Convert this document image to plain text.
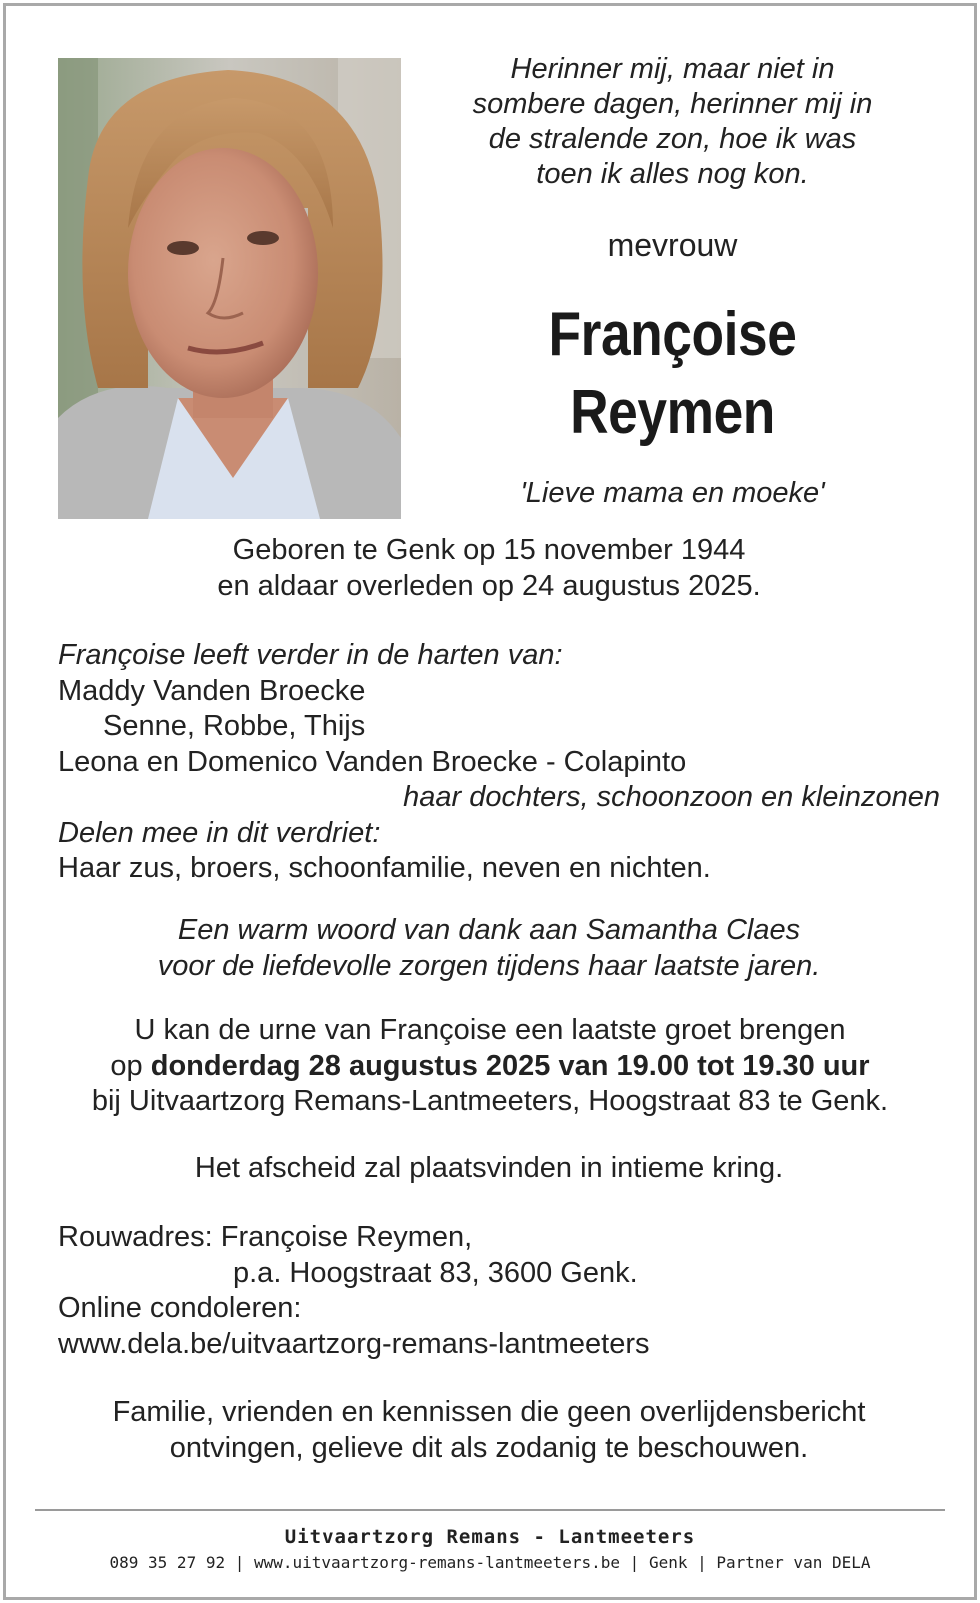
Herinner mij, maar niet in
sombere dagen, herinner mij in
de stralende zon, hoe ik was
toen ik alles nog kon.
mevrouw
Françoise
Reymen
'Lieve mama en moeke'
Geboren te Genk op 15 november 1944
en aldaar overleden op 24 augustus 2025.
Françoise leeft verder in de harten van:
Maddy Vanden Broecke
Senne, Robbe, Thijs
Leona en Domenico Vanden Broecke - Colapinto
haar dochters, schoonzoon en kleinzonen
Delen mee in dit verdriet:
Haar zus, broers, schoonfamilie, neven en nichten.
Een warm woord van dank aan Samantha Claes
voor de liefdevolle zorgen tijdens haar laatste jaren.
U kan de urne van Françoise een laatste groet brengen
op donderdag 28 augustus 2025 van 19.00 tot 19.30 uur
bij Uitvaartzorg Remans-Lantmeeters, Hoogstraat 83 te Genk.
Het afscheid zal plaatsvinden in intieme kring.
Rouwadres: Françoise Reymen,
p.a. Hoogstraat 83, 3600 Genk.
Online condoleren:
www.dela.be/uitvaartzorg-remans-lantmeeters
Familie, vrienden en kennissen die geen overlijdensbericht
ontvingen, gelieve dit als zodanig te beschouwen.
Uitvaartzorg Remans - Lantmeeters
089 35 27 92 | www.uitvaartzorg-remans-lantmeeters.be | Genk | Partner van DELA
